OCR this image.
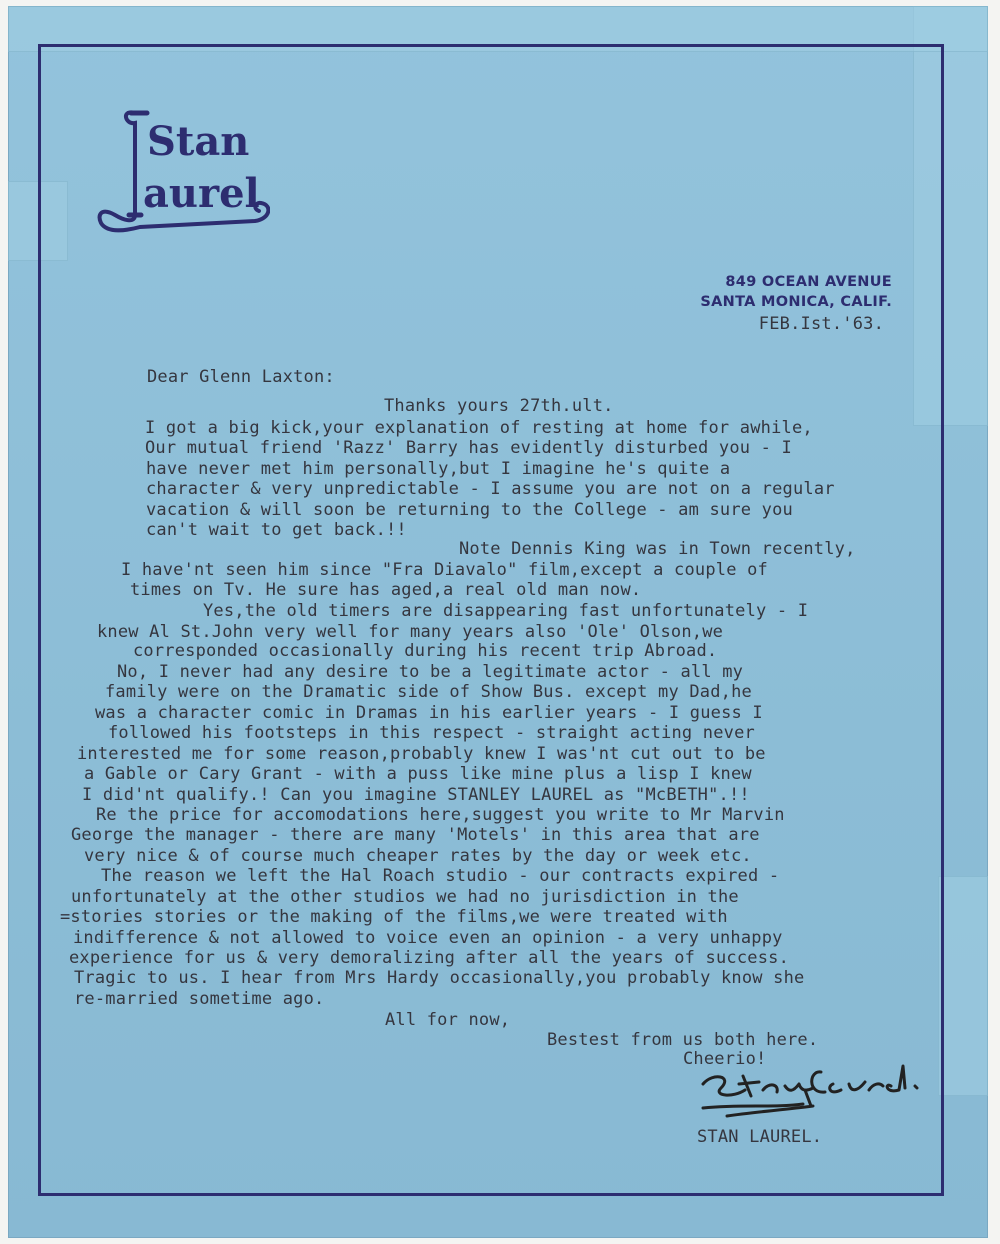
Stan
aurel
849 OCEAN AVENUE
SANTA MONICA, CALIF.
FEB.Ist.'63.
Dear Glenn Laxton:
Thanks yours 27th.ult.
I got a big kick,your explanation of resting at home for awhile,
Our mutual friend 'Razz' Barry has evidently disturbed you - I
have never met him personally,but I imagine he's quite a
character & very unpredictable - I assume you are not on a regular
vacation & will soon be returning to the College - am sure you
can't wait to get back.!!
Note Dennis King was in Town recently,
I have'nt seen him since "Fra Diavalo" film,except a couple of
times on Tv. He sure has aged,a real old man now.
Yes,the old timers are disappearing fast unfortunately - I
knew Al St.John very well for many years also 'Ole' Olson,we
corresponded occasionally during his recent trip Abroad.
No, I never had any desire to be a legitimate actor - all my
family were on the Dramatic side of Show Bus. except my Dad,he
was a character comic in Dramas in his earlier years - I guess I
followed his footsteps in this respect - straight acting never
interested me for some reason,probably knew I was'nt cut out to be
a Gable or Cary Grant - with a puss like mine plus a lisp I knew
I did'nt qualify.! Can you imagine STANLEY LAUREL as "McBETH".!!
Re the price for accomodations here,suggest you write to Mr Marvin
George the manager - there are many 'Motels' in this area that are
very nice & of course much cheaper rates by the day or week etc.
The reason we left the Hal Roach studio - our contracts expired -
unfortunately at the other studios we had no jurisdiction in the
=stories stories or the making of the films,we were treated with
indifference & not allowed to voice even an opinion - a very unhappy
experience for us & very demoralizing after all the years of success.
Tragic to us. I hear from Mrs Hardy occasionally,you probably know she
re-married sometime ago.
All for now,
Bestest from us both here.
Cheerio!
STAN LAUREL.
